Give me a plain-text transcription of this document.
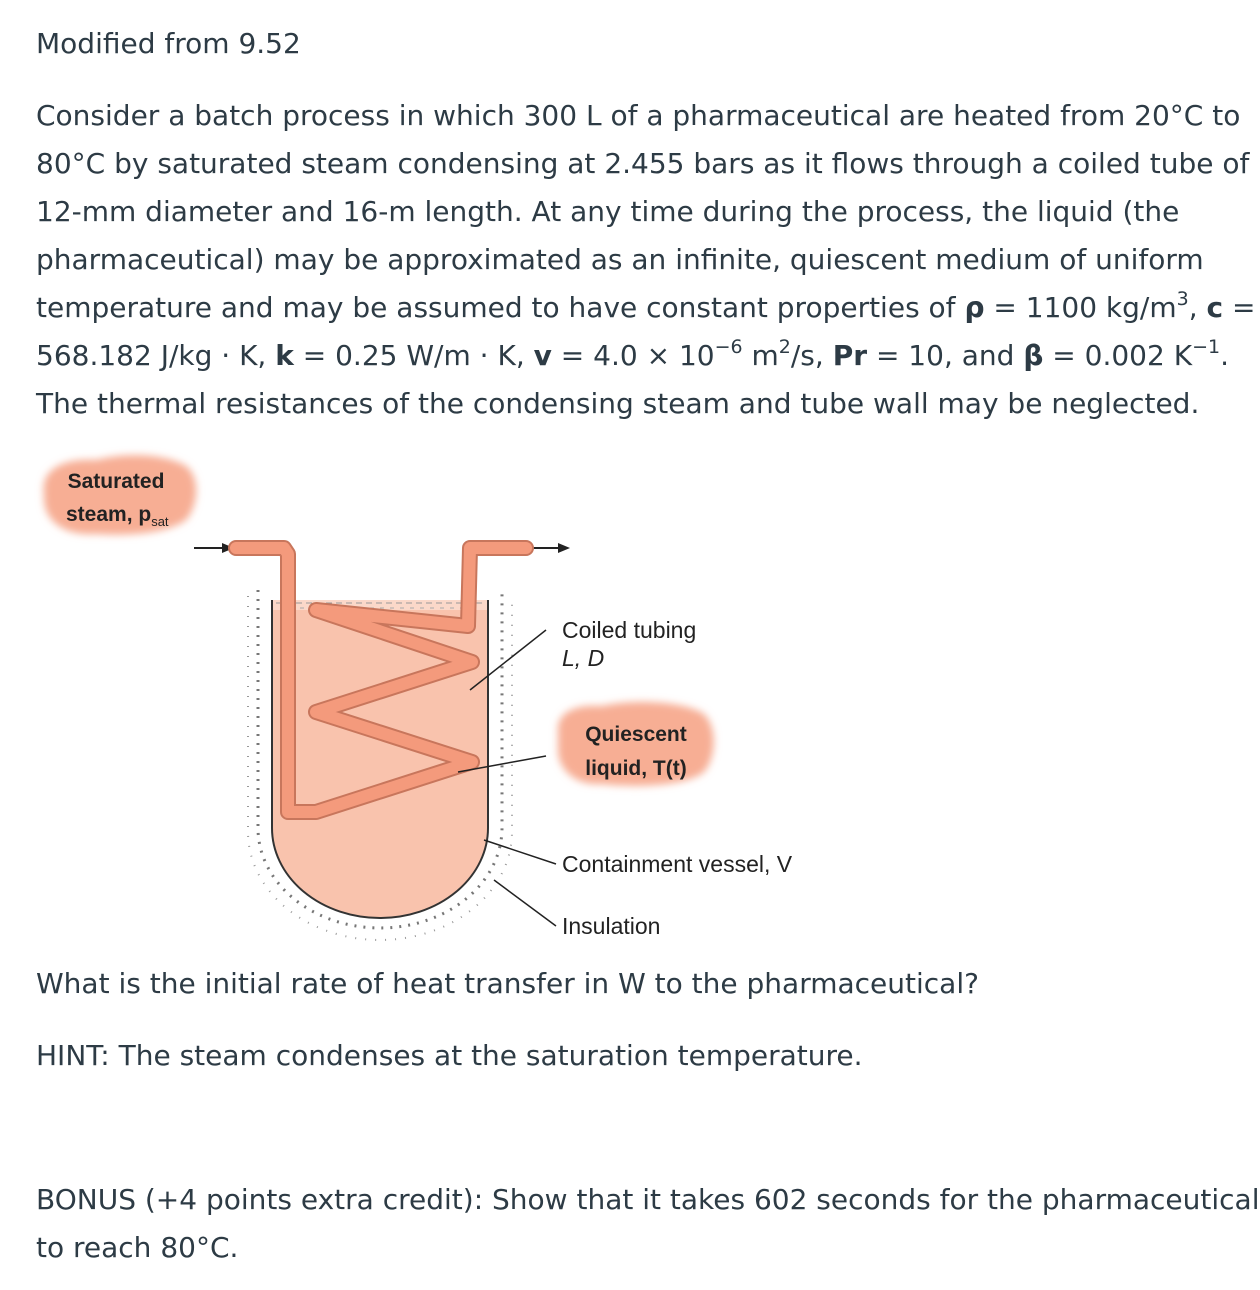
Modified from 9.52
Consider a batch process in which 300 L of a pharmaceutical are heated from 20°C to
80°C by saturated steam condensing at 2.455 bars as it flows through a coiled tube of
12-mm diameter and 16-m length. At any time during the process, the liquid (the
pharmaceutical) may be approximated as an infinite, quiescent medium of uniform
temperature and may be assumed to have constant properties of ρ = 1100 $kg/m^3$, c =
568.182 J/kg · K, k = 0.25 W/m · K, $v = 4.0 \times 10^{-6}$ $m^2/s$, Pr = 10, and β = 0.002 $K^{-1}$.
The thermal resistances of the condensing steam and tube wall may be neglected.
Saturated
steam, $p_{sat}$
Coiled tubing
L, D
Quiescent
liquid, T(t)
Containment vessel, V
Insulation
What is the initial rate of heat transfer in W to the pharmaceutical?
HINT: The steam condenses at the saturation temperature.
BONUS (+4 points extra credit): Show that it takes 602 seconds for the pharmaceutical
to reach 80°C.
